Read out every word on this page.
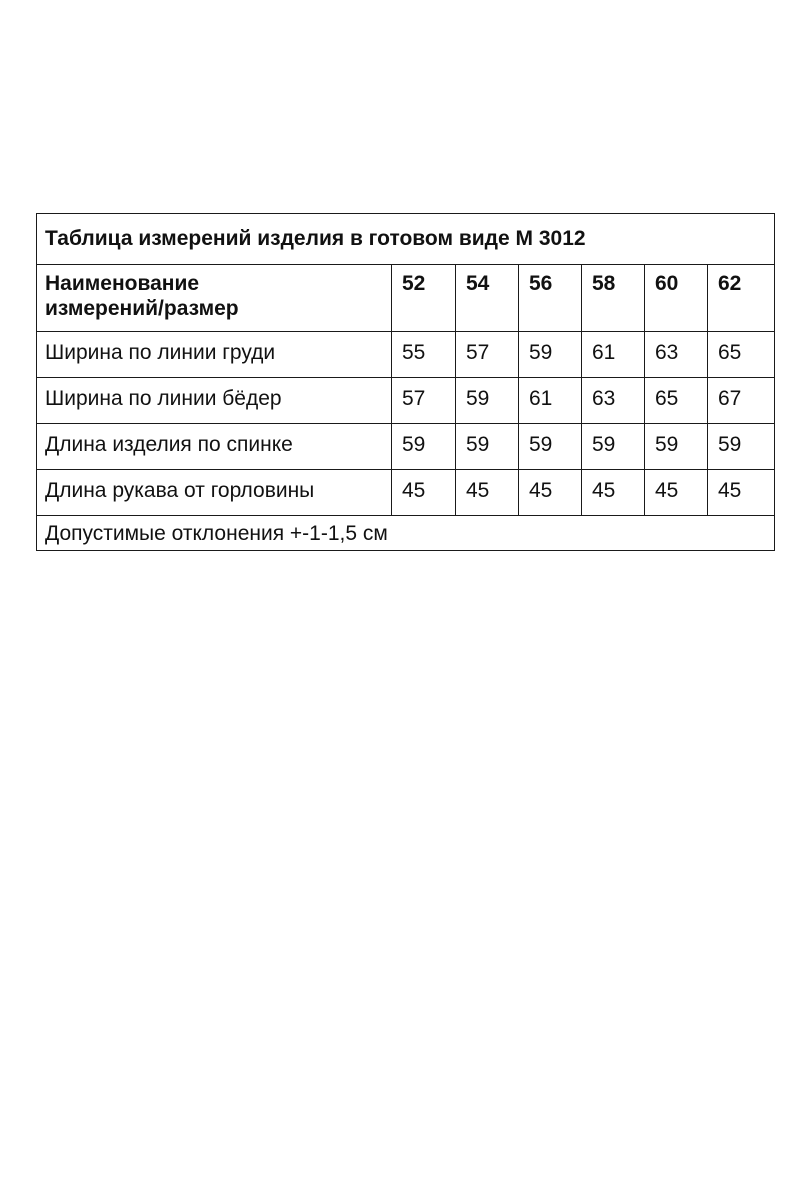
Таблица измерений изделия в готовом виде М 3012						
Наименование
измерений/размер	52	54	56	58	60	62
Ширина по линии груди	55	57	59	61	63	65
Ширина по линии бёдер	57	59	61	63	65	67
Длина изделия по спинке	59	59	59	59	59	59
Длина рукава от горловины	45	45	45	45	45	45
Допустимые отклонения +-1-1,5 см						
